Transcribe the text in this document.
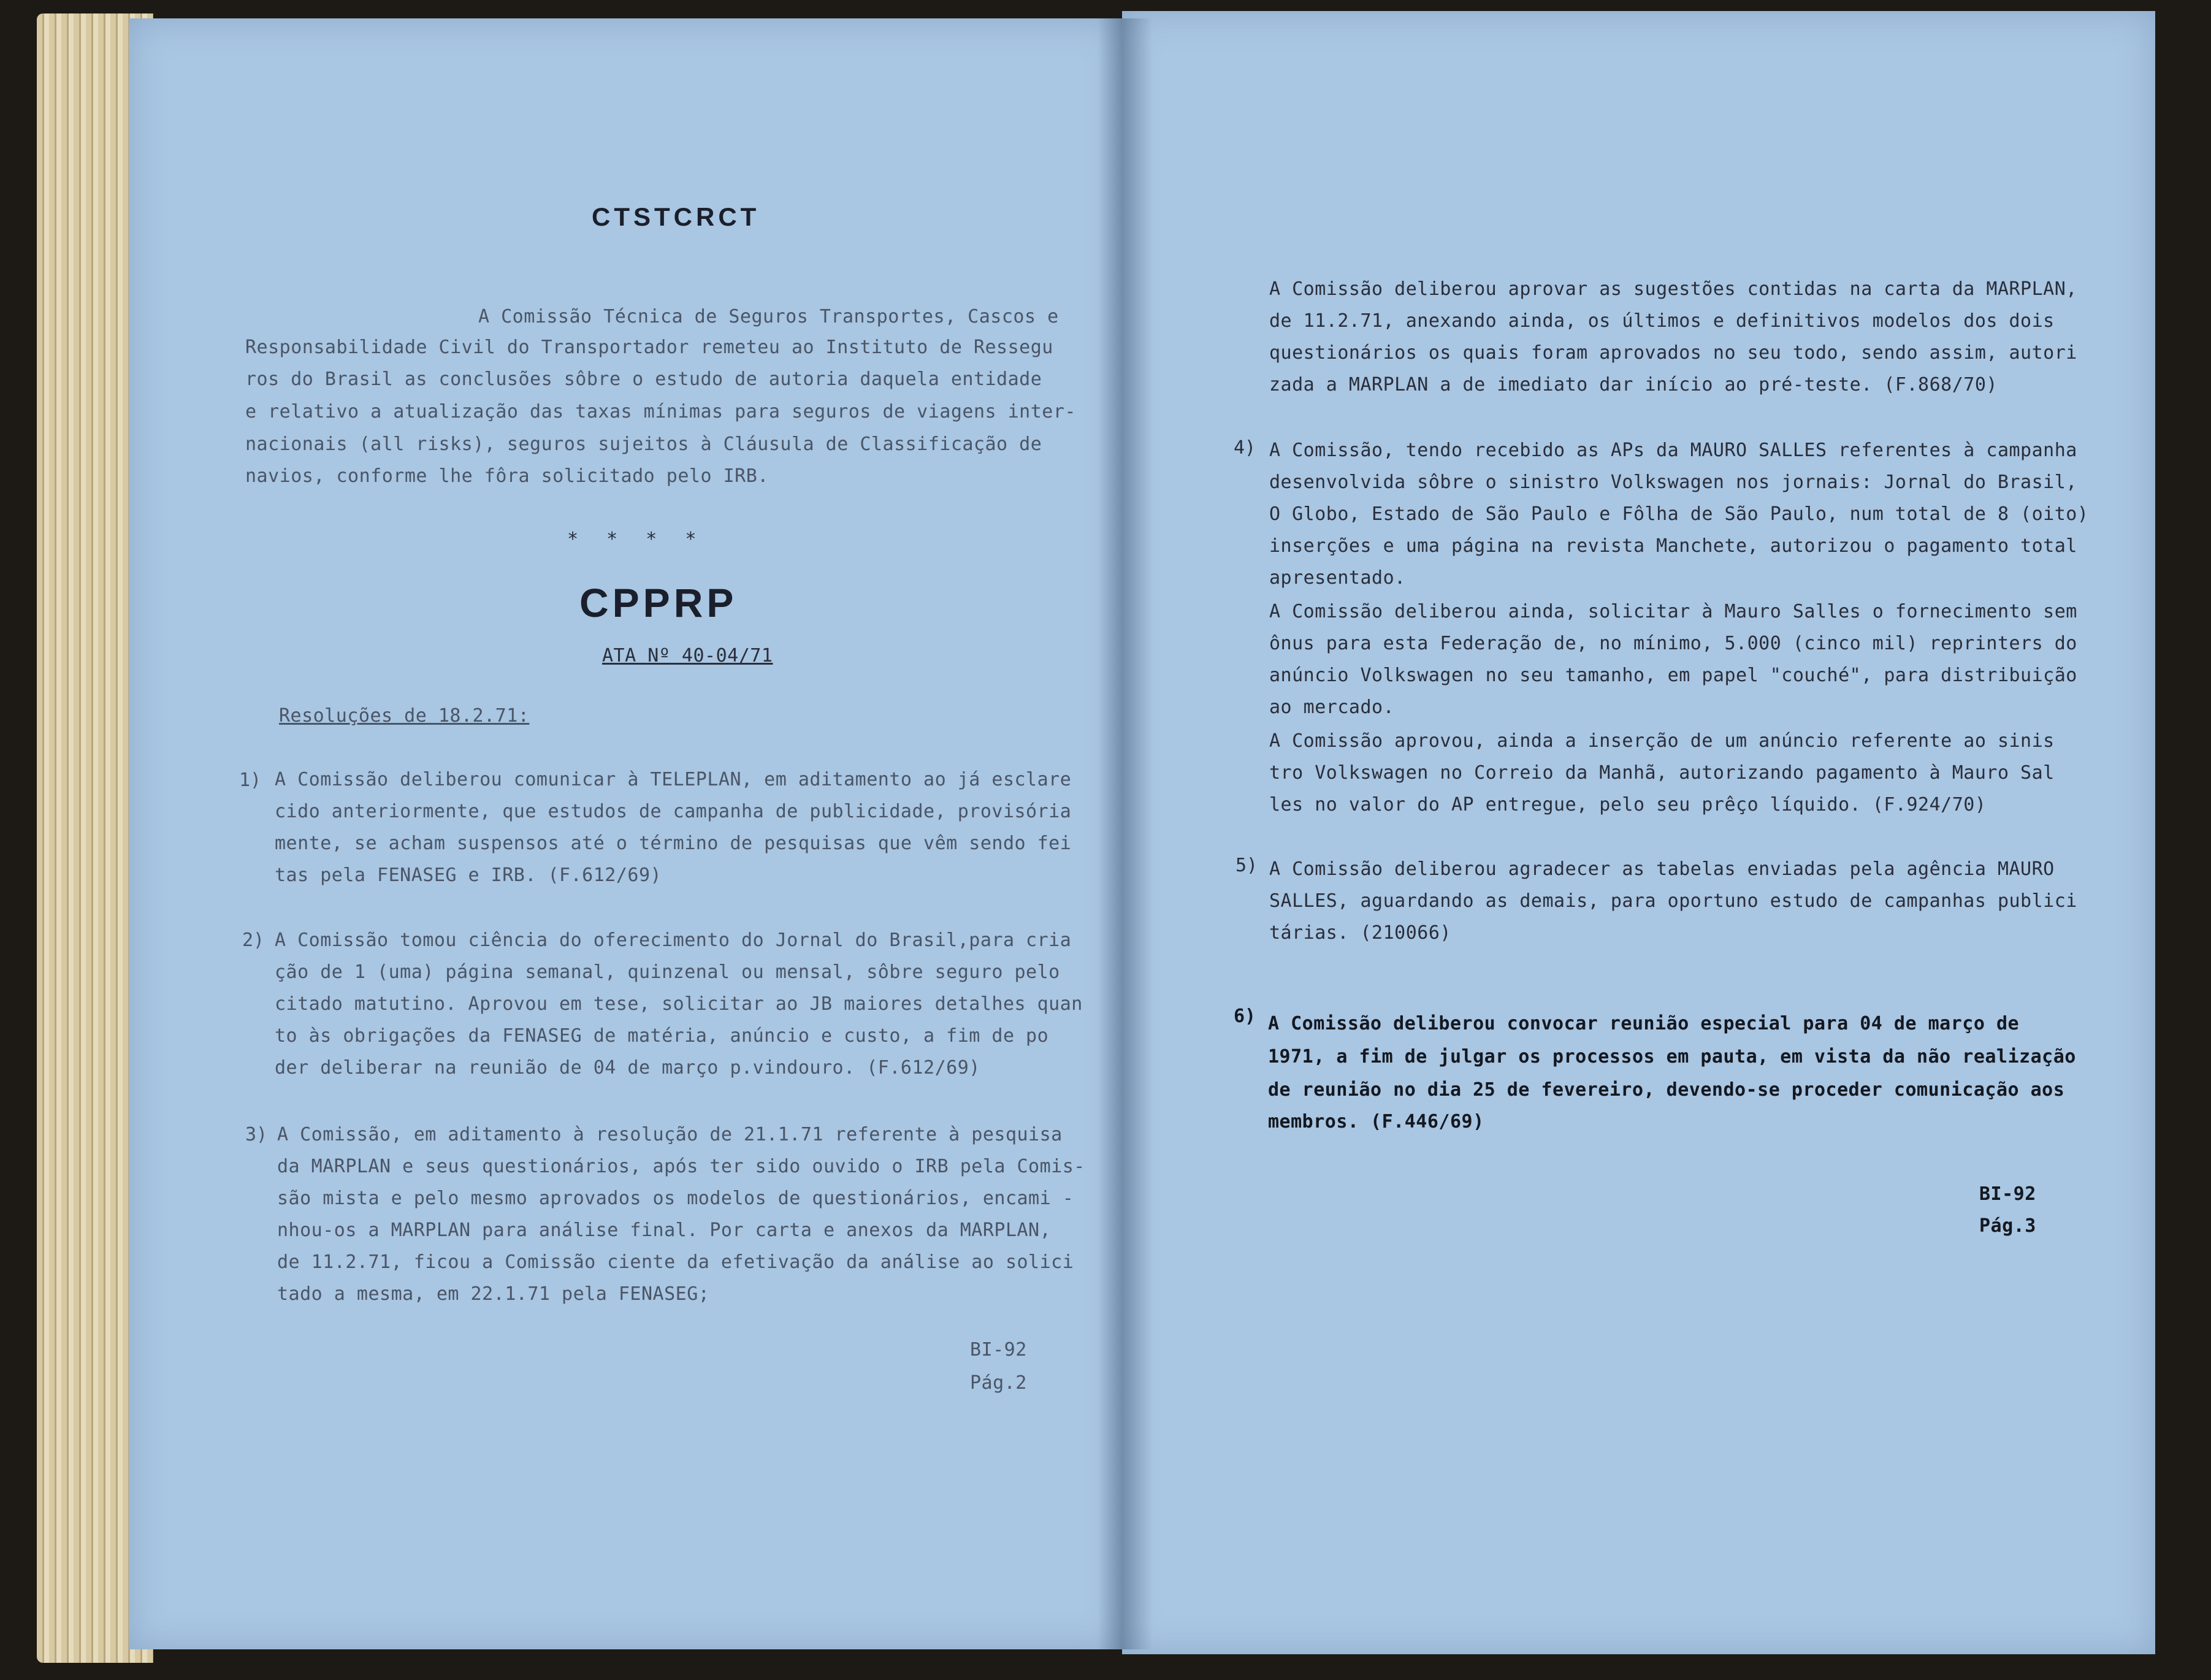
CTSTCRCT
A Comissão Técnica de Seguros Transportes, Cascos e
Responsabilidade Civil do Transportador remeteu ao Instituto de Ressegu
ros do Brasil as conclusões sôbre o estudo de autoria daquela entidade
e relativo a atualização das taxas mínimas para seguros de viagens inter-
nacionais (all risks), seguros sujeitos à Cláusula de Classificação de
navios, conforme lhe fôra solicitado pelo IRB.
* * * *
CPPRP
ATA Nº 40-04/71
Resoluções de 18.2.71:
1) A Comissão deliberou comunicar à TELEPLAN, em aditamento ao já esclare
cido anteriormente, que estudos de campanha de publicidade, provisória
mente, se acham suspensos até o término de pesquisas que vêm sendo fei
tas pela FENASEG e IRB. (F.612/69)
2) A Comissão tomou ciência do oferecimento do Jornal do Brasil,para cria
ção de 1 (uma) página semanal, quinzenal ou mensal, sôbre seguro pelo
citado matutino. Aprovou em tese, solicitar ao JB maiores detalhes quan
to às obrigações da FENASEG de matéria, anúncio e custo, a fim de po
der deliberar na reunião de 04 de março p.vindouro. (F.612/69)
3) A Comissão, em aditamento à resolução de 21.1.71 referente à pesquisa
da MARPLAN e seus questionários, após ter sido ouvido o IRB pela Comis-
são mista e pelo mesmo aprovados os modelos de questionários, encami -
nhou-os a MARPLAN para análise final. Por carta e anexos da MARPLAN,
de 11.2.71, ficou a Comissão ciente da efetivação da análise ao solici
tado a mesma, em 22.1.71 pela FENASEG;
BI-92
Pág.2
A Comissão deliberou aprovar as sugestões contidas na carta da MARPLAN,
de 11.2.71, anexando ainda, os últimos e definitivos modelos dos dois
questionários os quais foram aprovados no seu todo, sendo assim, autori
zada a MARPLAN a de imediato dar início ao pré-teste. (F.868/70)
4) A Comissão, tendo recebido as APs da MAURO SALLES referentes à campanha
desenvolvida sôbre o sinistro Volkswagen nos jornais: Jornal do Brasil,
O Globo, Estado de São Paulo e Fôlha de São Paulo, num total de 8 (oito)
inserções e uma página na revista Manchete, autorizou o pagamento total
apresentado.
A Comissão deliberou ainda, solicitar à Mauro Salles o fornecimento sem
ônus para esta Federação de, no mínimo, 5.000 (cinco mil) reprinters do
anúncio Volkswagen no seu tamanho, em papel "couché", para distribuição
ao mercado.
A Comissão aprovou, ainda a inserção de um anúncio referente ao sinis
tro Volkswagen no Correio da Manhã, autorizando pagamento à Mauro Sal
les no valor do AP entregue, pelo seu prêço líquido. (F.924/70)
5) A Comissão deliberou agradecer as tabelas enviadas pela agência MAURO
SALLES, aguardando as demais, para oportuno estudo de campanhas publici
tárias. (210066)
6) A Comissão deliberou convocar reunião especial para 04 de março de
1971, a fim de julgar os processos em pauta, em vista da não realização
de reunião no dia 25 de fevereiro, devendo-se proceder comunicação aos
membros. (F.446/69)
BI-92
Pág.3
